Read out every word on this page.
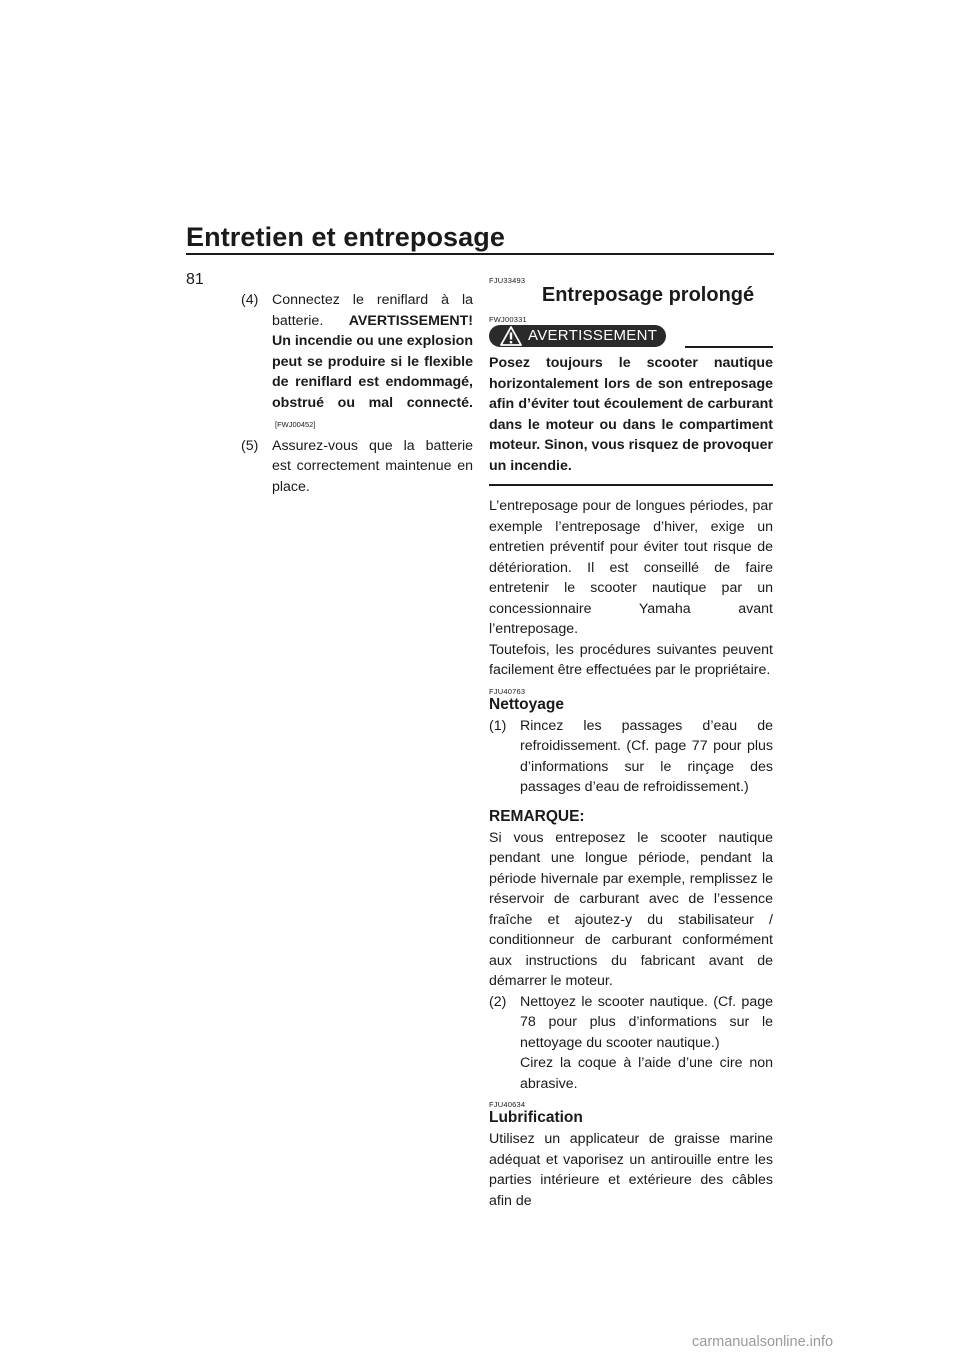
Entretien et entreposage
81
(4) Connectez le reniflard à la batterie. AVERTISSEMENT! Un incendie ou une explosion peut se produire si le flexible de reniflard est endommagé, obstrué ou mal connecté.[FWJ00452]
(5) Assurez-vous que la batterie est correctement maintenue en place.
FJU33493
Entreposage prolongé
FWJ00331
AVERTISSEMENT
Posez toujours le scooter nautique horizontalement lors de son entreposage afin d’éviter tout écoulement de carburant dans le moteur ou dans le compartiment moteur. Sinon, vous risquez de provoquer un incendie.

L’entreposage pour de longues périodes, par exemple l’entreposage d’hiver, exige un entretien préventif pour éviter tout risque de détérioration. Il est conseillé de faire entretenir le scooter nautique par un concessionnaire Yamaha avant l’entreposage.

Toutefois, les procédures suivantes peuvent facilement être effectuées par le propriétaire.

FJU40763
Nettoyage
(1) Rincez les passages d’eau de refroidissement. (Cf. page 77 pour plus d’informations sur le rinçage des passages d’eau de refroidissement.)
REMARQUE:

Si vous entreposez le scooter nautique pendant une longue période, pendant la période hivernale par exemple, remplissez le réservoir de carburant avec de l’essence fraîche et ajoutez-y du stabilisateur / conditionneur de carburant conformément aux instructions du fabricant avant de démarrer le moteur.

(2) Nettoyez le scooter nautique. (Cf. page 78 pour plus d’informations sur le nettoyage du scooter nautique.)

Cirez la coque à l’aide d’une cire non abrasive.

FJU40634
Lubrification

Utilisez un applicateur de graisse marine adéquat et vaporisez un antirouille entre les parties intérieure et extérieure des câbles afin de

carmanualsonline.info
